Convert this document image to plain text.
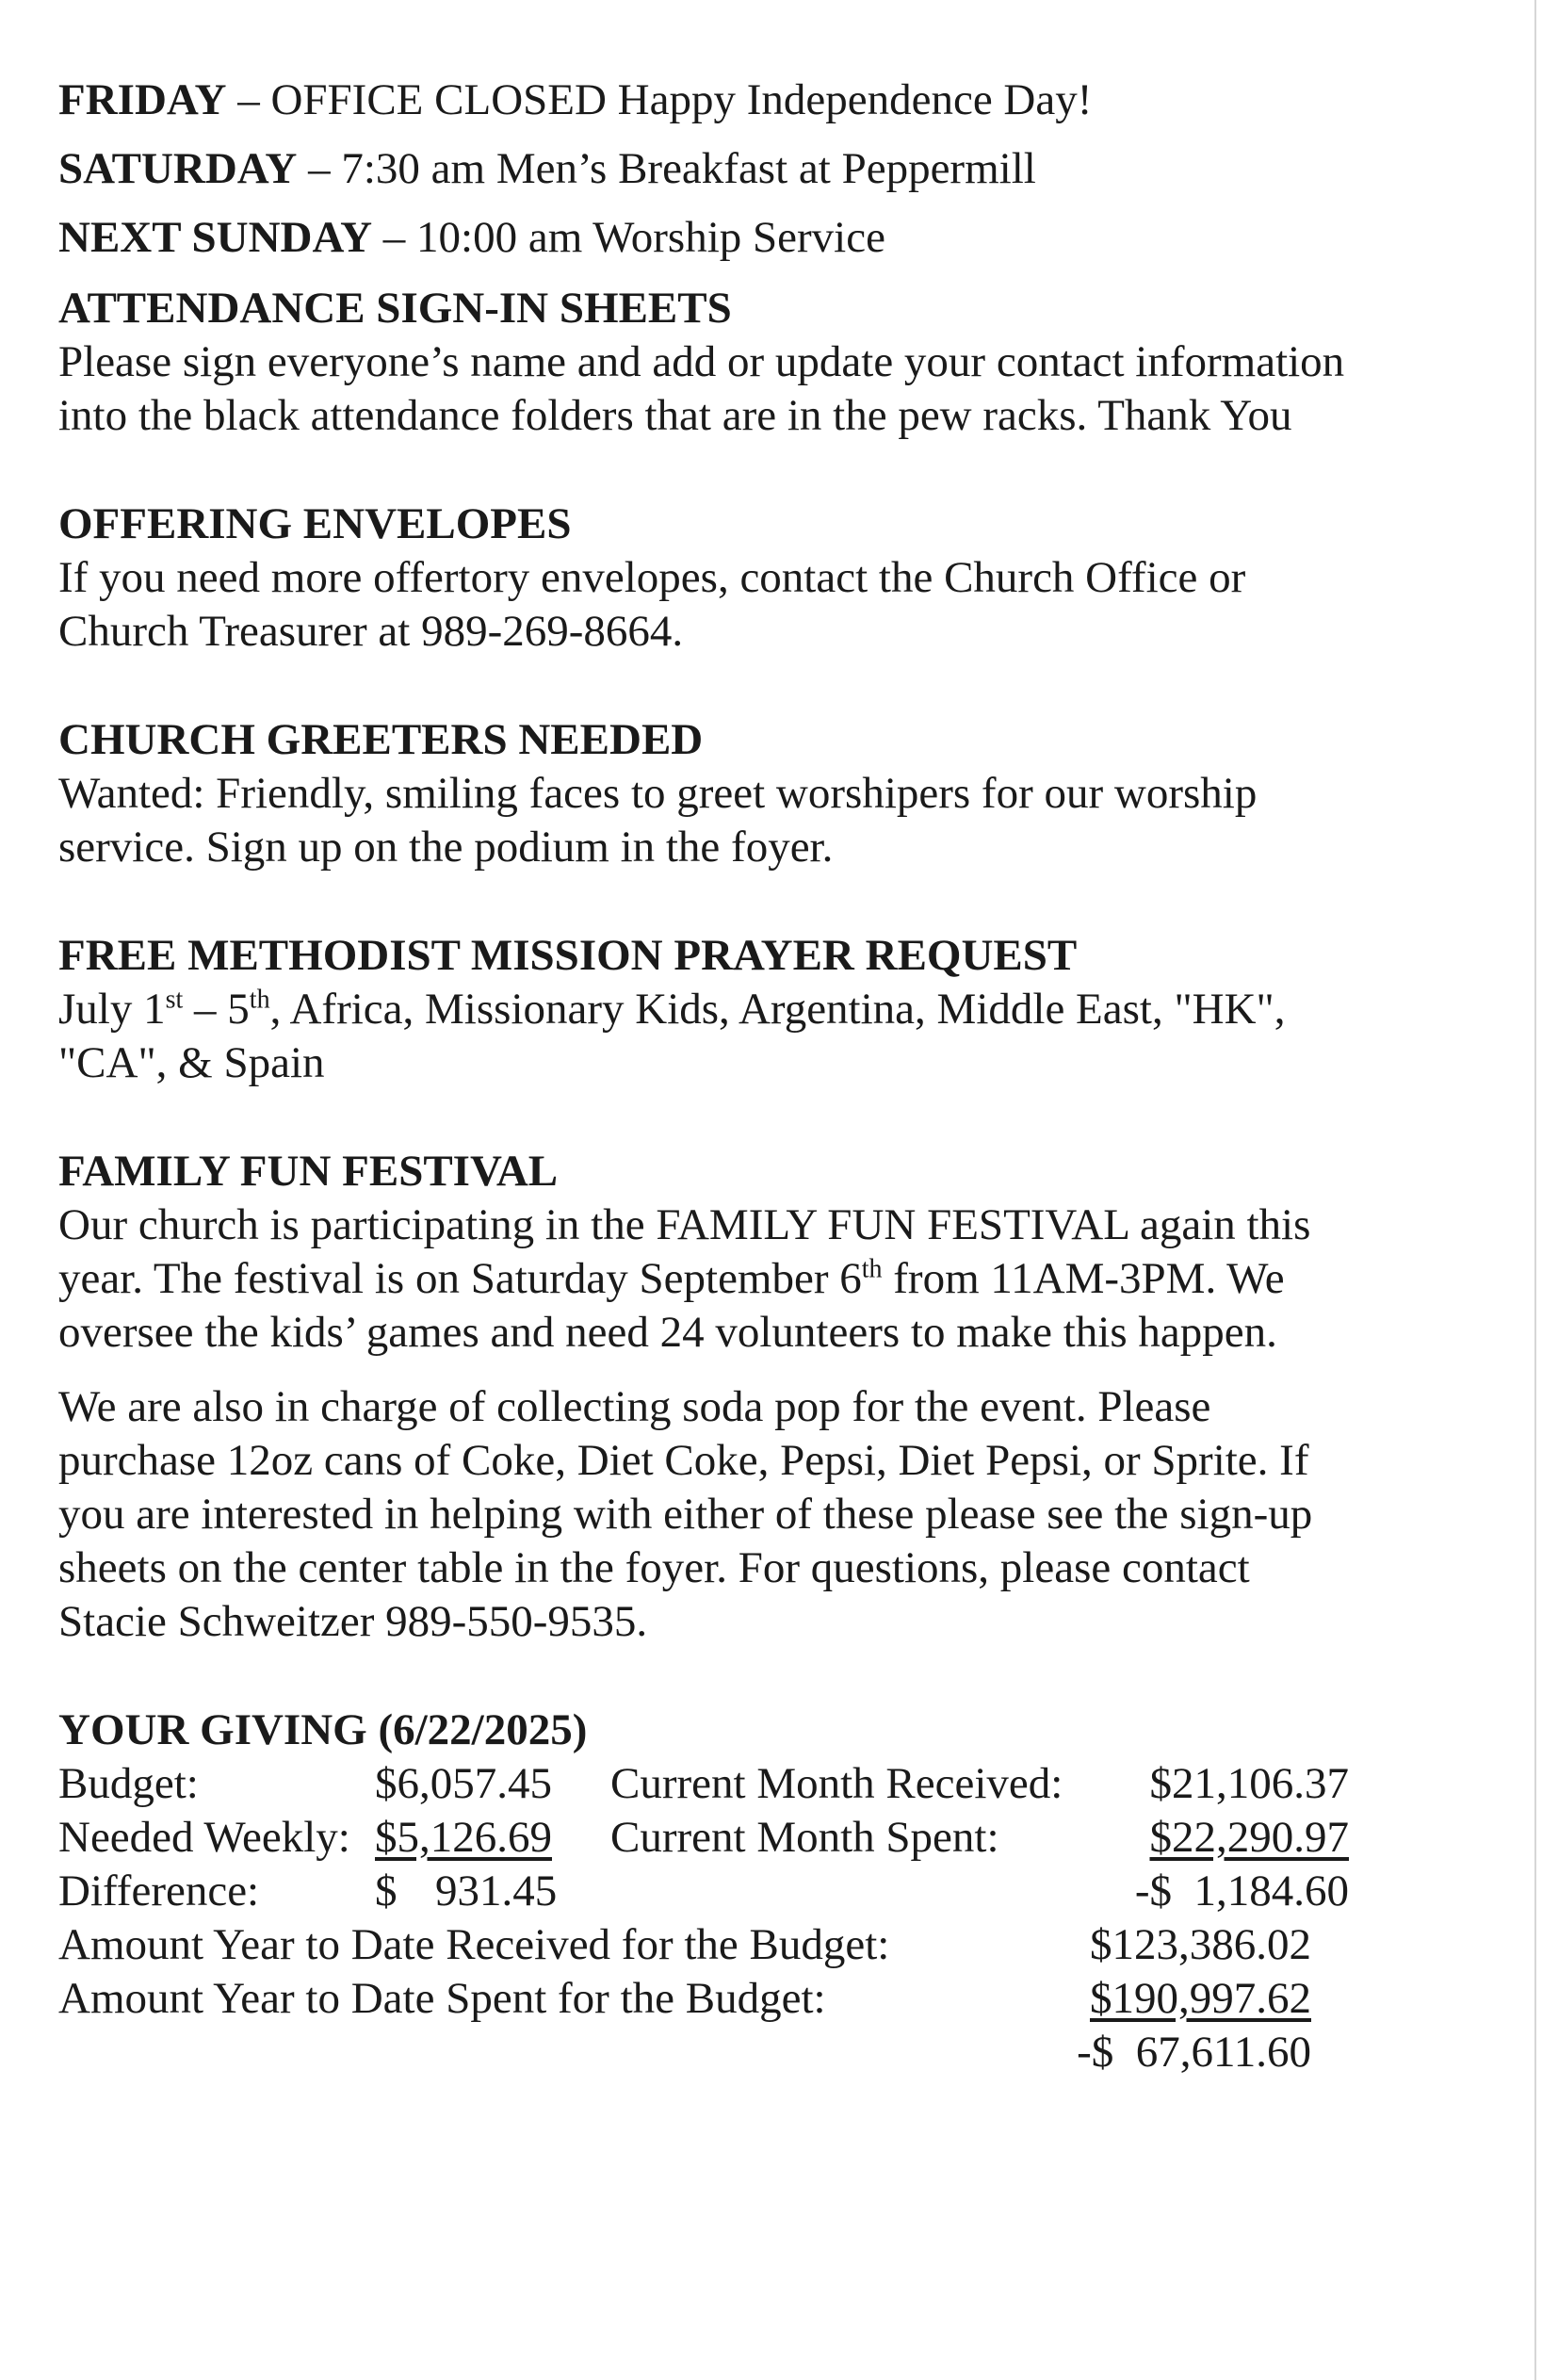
FRIDAY – OFFICE CLOSED Happy Independence Day!

SATURDAY – 7:30 am Men’s Breakfast at Peppermill

NEXT SUNDAY – 10:00 am Worship Service

ATTENDANCE SIGN-IN SHEETS

Please sign everyone’s name and add or update your contact information

into the black attendance folders that are in the pew racks. Thank You

OFFERING ENVELOPES

If you need more offertory envelopes, contact the Church Office or

Church Treasurer at 989-269-8664.

CHURCH GREETERS NEEDED

Wanted: Friendly, smiling faces to greet worshipers for our worship

service. Sign up on the podium in the foyer.

FREE METHODIST MISSION PRAYER REQUEST

July 1st – 5th, Africa, Missionary Kids, Argentina, Middle East, "HK",

"CA", & Spain

FAMILY FUN FESTIVAL

Our church is participating in the FAMILY FUN FESTIVAL again this

year. The festival is on Saturday September 6th from 11AM-3PM. We

oversee the kids’ games and need 24 volunteers to make this happen.

We are also in charge of collecting soda pop for the event. Please

purchase 12oz cans of Coke, Diet Coke, Pepsi, Diet Pepsi, or Sprite. If

you are interested in helping with either of these please see the sign-up

sheets on the center table in the foyer. For questions, please contact

Stacie Schweitzer 989-550-9535.

YOUR GIVING (6/22/2025)

Budget:	$6,057.45 Current Month Received: $21,106.37
Needed Weekly: $5,126.69 Current Month Spent:	$22,290.97
Difference:	$ 931.45	-$  1,184.60
Amount Year to Date Received for the Budget:	$123,386.02
Amount Year to Date Spent for the Budget:	$190,997.62
-$  67,611.60
